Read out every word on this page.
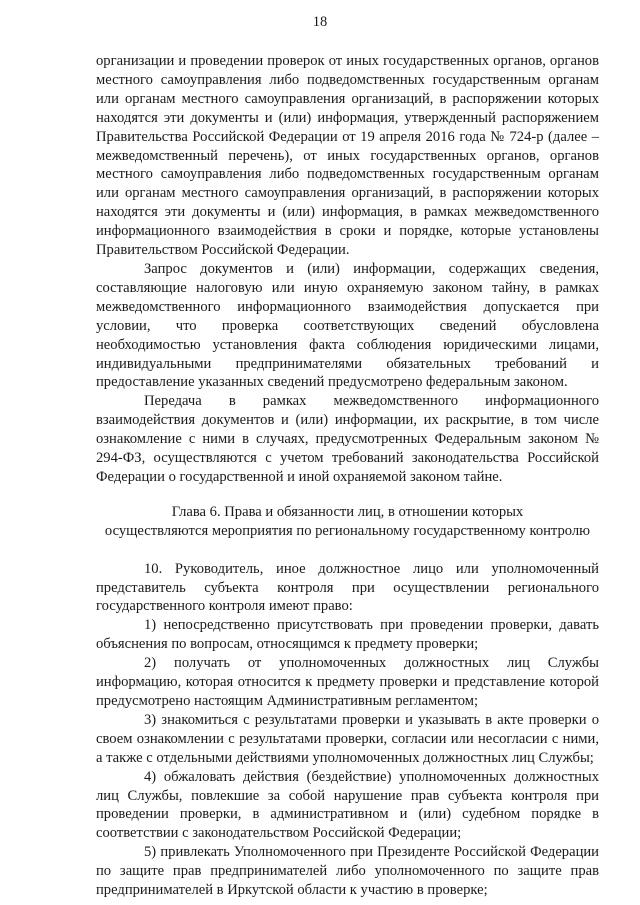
18

организации и проведении проверок от иных государственных органов, органов местного самоуправления либо подведомственных государственным органам или органам местного самоуправления организаций, в распоряжении которых находятся эти документы и (или) информация, утвержденный распоряжением Правительства Российской Федерации от 19 апреля 2016 года № 724-р (далее – межведомственный перечень), от иных государственных органов, органов местного самоуправления либо подведомственных государственным органам или органам местного самоуправления организаций, в распоряжении которых находятся эти документы и (или) информация, в рамках межведомственного информационного взаимодействия в сроки и порядке, которые установлены Правительством Российской Федерации.

Запрос документов и (или) информации, содержащих сведения, составляющие налоговую или иную охраняемую законом тайну, в рамках межведомственного информационного взаимодействия допускается при условии, что проверка соответствующих сведений обусловлена необходимостью установления факта соблюдения юридическими лицами, индивидуальными предпринимателями обязательных требований и предоставление указанных сведений предусмотрено федеральным законом.

Передача в рамках межведомственного информационного взаимодействия документов и (или) информации, их раскрытие, в том числе ознакомление с ними в случаях, предусмотренных Федеральным законом № 294-ФЗ, осуществляются с учетом требований законодательства Российской Федерации о государственной и иной охраняемой законом тайне.

Глава 6. Права и обязанности лиц, в отношении которых
осуществляются мероприятия по региональному государственному контролю

10. Руководитель, иное должностное лицо или уполномоченный представитель субъекта контроля при осуществлении регионального государственного контроля имеют право:

1) непосредственно присутствовать при проведении проверки, давать объяснения по вопросам, относящимся к предмету проверки;

2) получать от уполномоченных должностных лиц Службы информацию, которая относится к предмету проверки и представление которой предусмотрено настоящим Административным регламентом;

3) знакомиться с результатами проверки и указывать в акте проверки о своем ознакомлении с результатами проверки, согласии или несогласии с ними, а также с отдельными действиями уполномоченных должностных лиц Службы;

4) обжаловать действия (бездействие) уполномоченных должностных лиц Службы, повлекшие за собой нарушение прав субъекта контроля при проведении проверки, в административном и (или) судебном порядке в соответствии с законодательством Российской Федерации;

5) привлекать Уполномоченного при Президенте Российской Федерации по защите прав предпринимателей либо уполномоченного по защите прав предпринимателей в Иркутской области к участию в проверке;
